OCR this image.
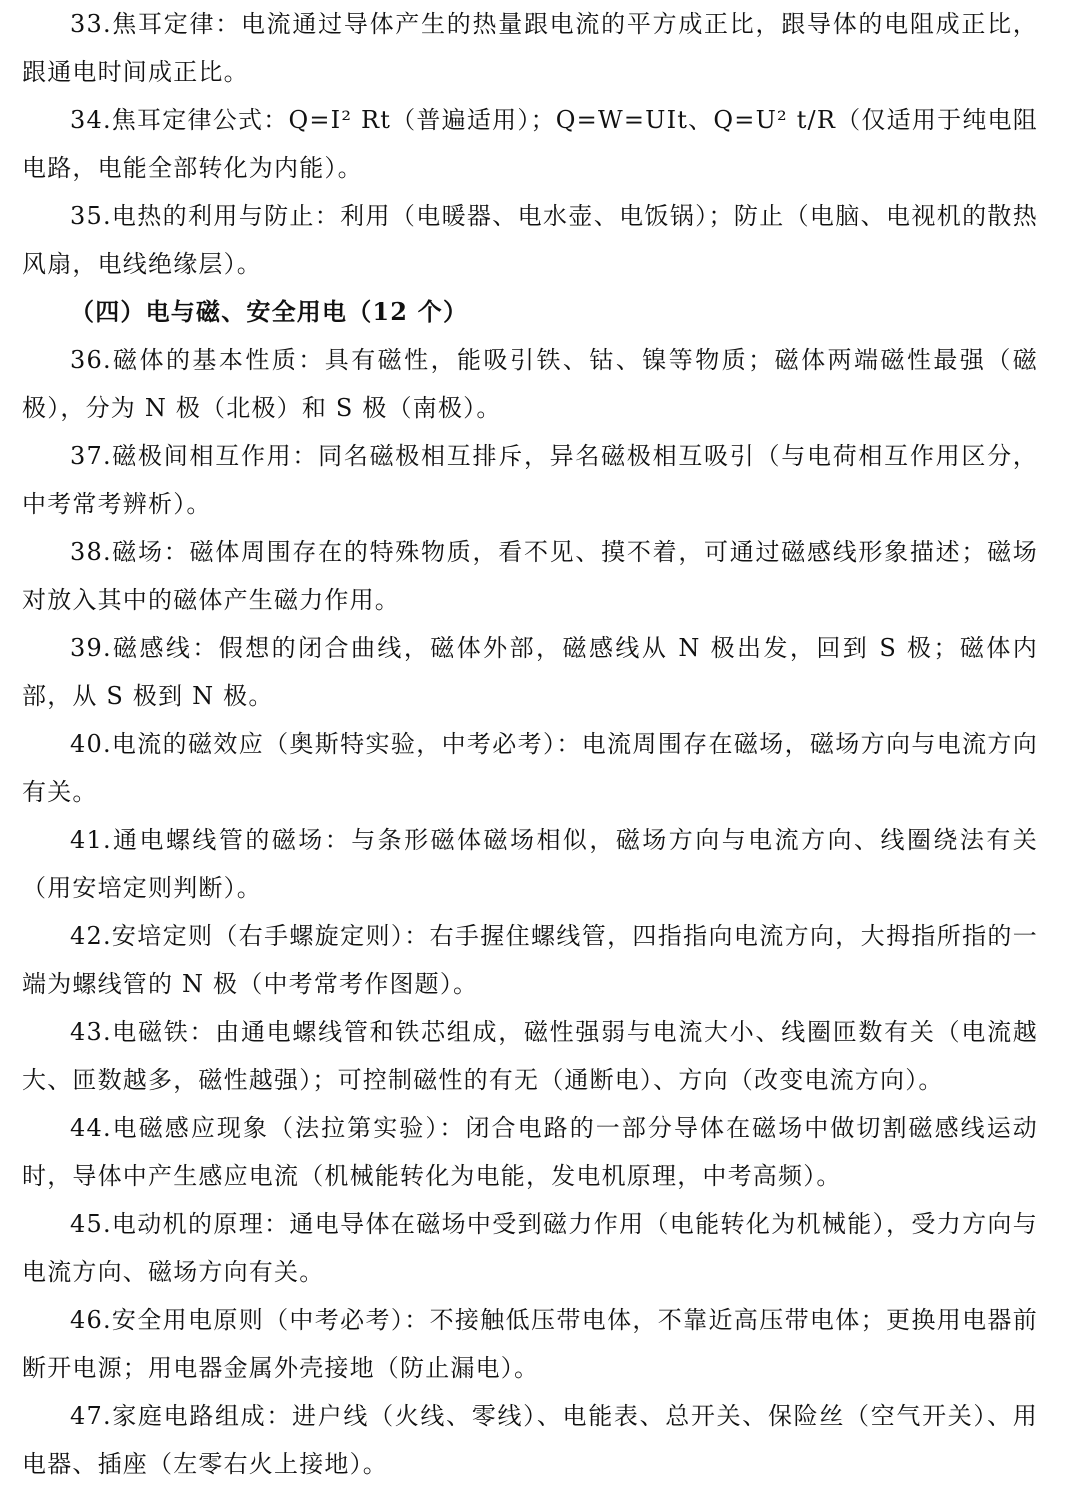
33.焦耳定律：电流通过导体产生的热量跟电流的平方成正比，跟导体的电阻成正比，跟通电时间成正比。

34.焦耳定律公式：Q=I² Rt（普遍适用）；Q=W=UIt、Q=U² t/R（仅适用于纯电阻电路，电能全部转化为内能）。

35.电热的利用与防止：利用（电暖器、电水壶、电饭锅）；防止（电脑、电视机的散热风扇，电线绝缘层）。

（四）电与磁、安全用电（12 个）

36.磁体的基本性质：具有磁性，能吸引铁、钴、镍等物质；磁体两端磁性最强（磁极），分为 N 极（北极）和 S 极（南极）。

37.磁极间相互作用：同名磁极相互排斥，异名磁极相互吸引（与电荷相互作用区分，中考常考辨析）。

38.磁场：磁体周围存在的特殊物质，看不见、摸不着，可通过磁感线形象描述；磁场对放入其中的磁体产生磁力作用。

39.磁感线：假想的闭合曲线，磁体外部，磁感线从 N 极出发，回到 S 极；磁体内部，从 S 极到 N 极。

40.电流的磁效应（奥斯特实验，中考必考）：电流周围存在磁场，磁场方向与电流方向有关。

41.通电螺线管的磁场：与条形磁体磁场相似，磁场方向与电流方向、线圈绕法有关（用安培定则判断）。

42.安培定则（右手螺旋定则）：右手握住螺线管，四指指向电流方向，大拇指所指的一端为螺线管的 N 极（中考常考作图题）。

43.电磁铁：由通电螺线管和铁芯组成，磁性强弱与电流大小、线圈匝数有关（电流越大、匝数越多，磁性越强）；可控制磁性的有无（通断电）、方向（改变电流方向）。

44.电磁感应现象（法拉第实验）：闭合电路的一部分导体在磁场中做切割磁感线运动时，导体中产生感应电流（机械能转化为电能，发电机原理，中考高频）。

45.电动机的原理：通电导体在磁场中受到磁力作用（电能转化为机械能），受力方向与电流方向、磁场方向有关。

46.安全用电原则（中考必考）：不接触低压带电体，不靠近高压带电体；更换用电器前断开电源；用电器金属外壳接地（防止漏电）。

47.家庭电路组成：进户线（火线、零线）、电能表、总开关、保险丝（空气开关）、用电器、插座（左零右火上接地）。
